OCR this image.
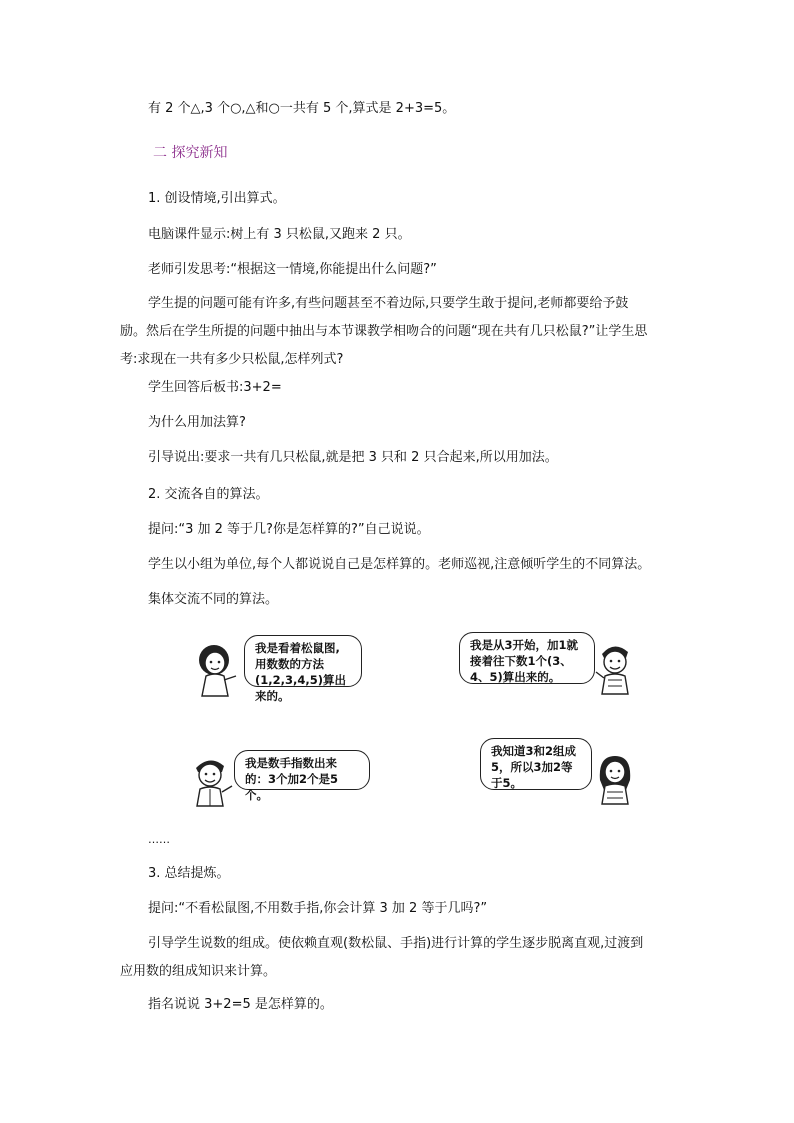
有 2 个△,3 个○,△和○一共有 5 个,算式是 2+3=5。
二 探究新知
1. 创设情境,引出算式。
电脑课件显示:树上有 3 只松鼠,又跑来 2 只。
老师引发思考:“根据这一情境,你能提出什么问题?”
学生提的问题可能有许多,有些问题甚至不着边际,只要学生敢于提问,老师都要给予鼓励。然后在学生所提的问题中抽出与本节课教学相吻合的问题“现在共有几只松鼠?”让学生思考:求现在一共有多少只松鼠,怎样列式?
学生回答后板书:3+2=
为什么用加法算?
引导说出:要求一共有几只松鼠,就是把 3 只和 2 只合起来,所以用加法。
2. 交流各自的算法。
提问:“3 加 2 等于几?你是怎样算的?”自己说说。
学生以小组为单位,每个人都说说自己是怎样算的。老师巡视,注意倾听学生的不同算法。
集体交流不同的算法。
我是看着松鼠图,用数数的方法(1,2,3,4,5)算出来的。
我是从3开始，加1就接着往下数1个(3、4、5)算出来的。
我是数手指数出来的：3个加2个是5个。
我知道3和2组成5，所以3加2等于5。
……
3. 总结提炼。
提问:“不看松鼠图,不用数手指,你会计算 3 加 2 等于几吗?”
引导学生说数的组成。使依赖直观(数松鼠、手指)进行计算的学生逐步脱离直观,过渡到应用数的组成知识来计算。
指名说说 3+2=5 是怎样算的。
